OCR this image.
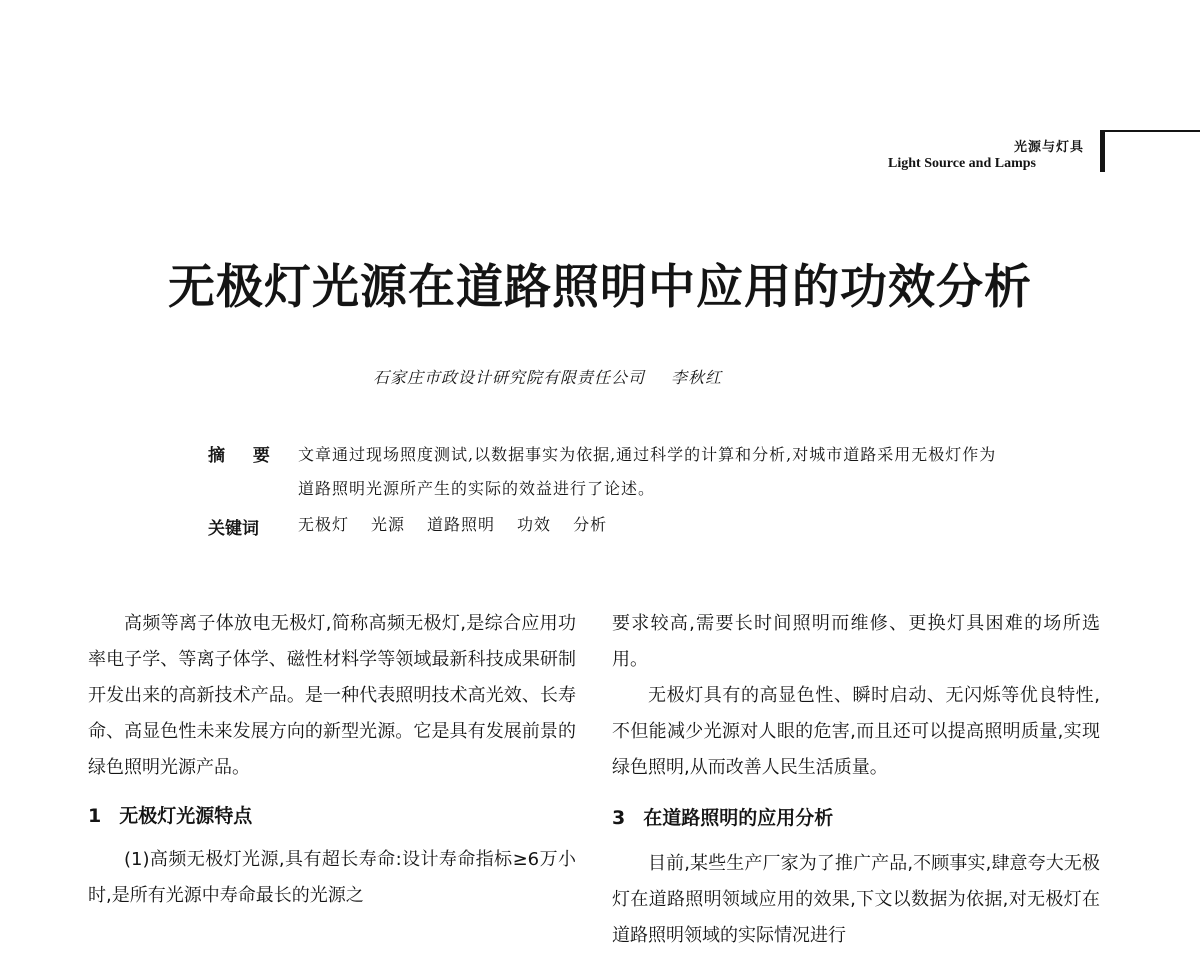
光源与灯具
Light Source and Lamps
无极灯光源在道路照明中应用的功效分析
石家庄市政设计研究院有限责任公司 李秋红
摘 要 文章通过现场照度测试,以数据事实为依据,通过科学的计算和分析,对城市道路采用无极灯作为道路照明光源所产生的实际的效益进行了论述。
关键词 无极灯 光源 道路照明 功效 分析

高频等离子体放电无极灯,简称高频无极灯,是综合应用功率电子学、等离子体学、磁性材料学等领域最新科技成果研制开发出来的高新技术产品。是一种代表照明技术高光效、长寿命、高显色性未来发展方向的新型光源。它是具有发展前景的绿色照明光源产品。

1 无极灯光源特点

(1)高频无极灯光源,具有超长寿命:设计寿命指标≥6万小时,是所有光源中寿命最长的光源之

要求较高,需要长时间照明而维修、更换灯具困难的场所选用。

无极灯具有的高显色性、瞬时启动、无闪烁等优良特性,不但能减少光源对人眼的危害,而且还可以提高照明质量,实现绿色照明,从而改善人民生活质量。

3 在道路照明的应用分析

目前,某些生产厂家为了推广产品,不顾事实,肆意夸大无极灯在道路照明领域应用的效果,下文以数据为依据,对无极灯在道路照明领域的实际情况进行
